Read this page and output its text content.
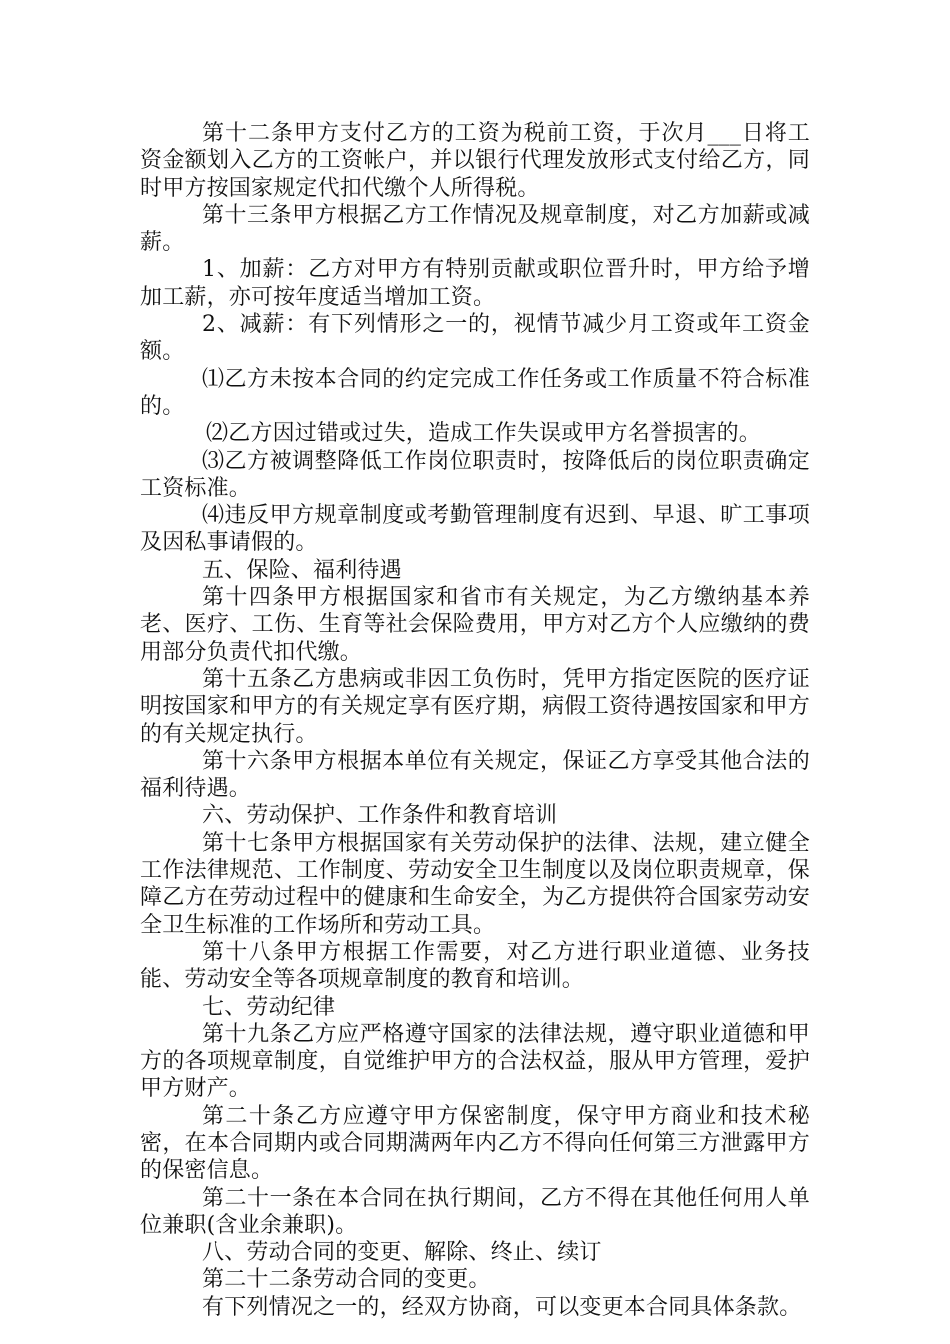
第十二条甲方支付乙方的工资为税前工资，于次月___日将工资金额划入乙方的工资帐户，并以银行代理发放形式支付给乙方，同时甲方按国家规定代扣代缴个人所得税。

第十三条甲方根据乙方工作情况及规章制度，对乙方加薪或减薪。

1、加薪：乙方对甲方有特别贡献或职位晋升时，甲方给予增加工薪，亦可按年度适当增加工资。

2、减薪：有下列情形之一的，视情节减少月工资或年工资金额。

⑴乙方未按本合同的约定完成工作任务或工作质量不符合标准的。

⑵乙方因过错或过失，造成工作失误或甲方名誉损害的。

⑶乙方被调整降低工作岗位职责时，按降低后的岗位职责确定工资标准。

⑷违反甲方规章制度或考勤管理制度有迟到、早退、旷工事项及因私事请假的。

五、保险、福利待遇

第十四条甲方根据国家和省市有关规定，为乙方缴纳基本养老、医疗、工伤、生育等社会保险费用，甲方对乙方个人应缴纳的费用部分负责代扣代缴。

第十五条乙方患病或非因工负伤时，凭甲方指定医院的医疗证明按国家和甲方的有关规定享有医疗期，病假工资待遇按国家和甲方的有关规定执行。

第十六条甲方根据本单位有关规定，保证乙方享受其他合法的福利待遇。

六、劳动保护、工作条件和教育培训

第十七条甲方根据国家有关劳动保护的法律、法规，建立健全工作法律规范、工作制度、劳动安全卫生制度以及岗位职责规章，保障乙方在劳动过程中的健康和生命安全，为乙方提供符合国家劳动安全卫生标准的工作场所和劳动工具。

第十八条甲方根据工作需要，对乙方进行职业道德、业务技能、劳动安全等各项规章制度的教育和培训。

七、劳动纪律

第十九条乙方应严格遵守国家的法律法规，遵守职业道德和甲方的各项规章制度，自觉维护甲方的合法权益，服从甲方管理，爱护甲方财产。

第二十条乙方应遵守甲方保密制度，保守甲方商业和技术秘密，在本合同期内或合同期满两年内乙方不得向任何第三方泄露甲方的保密信息。

第二十一条在本合同在执行期间，乙方不得在其他任何用人单位兼职(含业余兼职)。

八、劳动合同的变更、解除、终止、续订

第二十二条劳动合同的变更。

有下列情况之一的，经双方协商，可以变更本合同具体条款。
